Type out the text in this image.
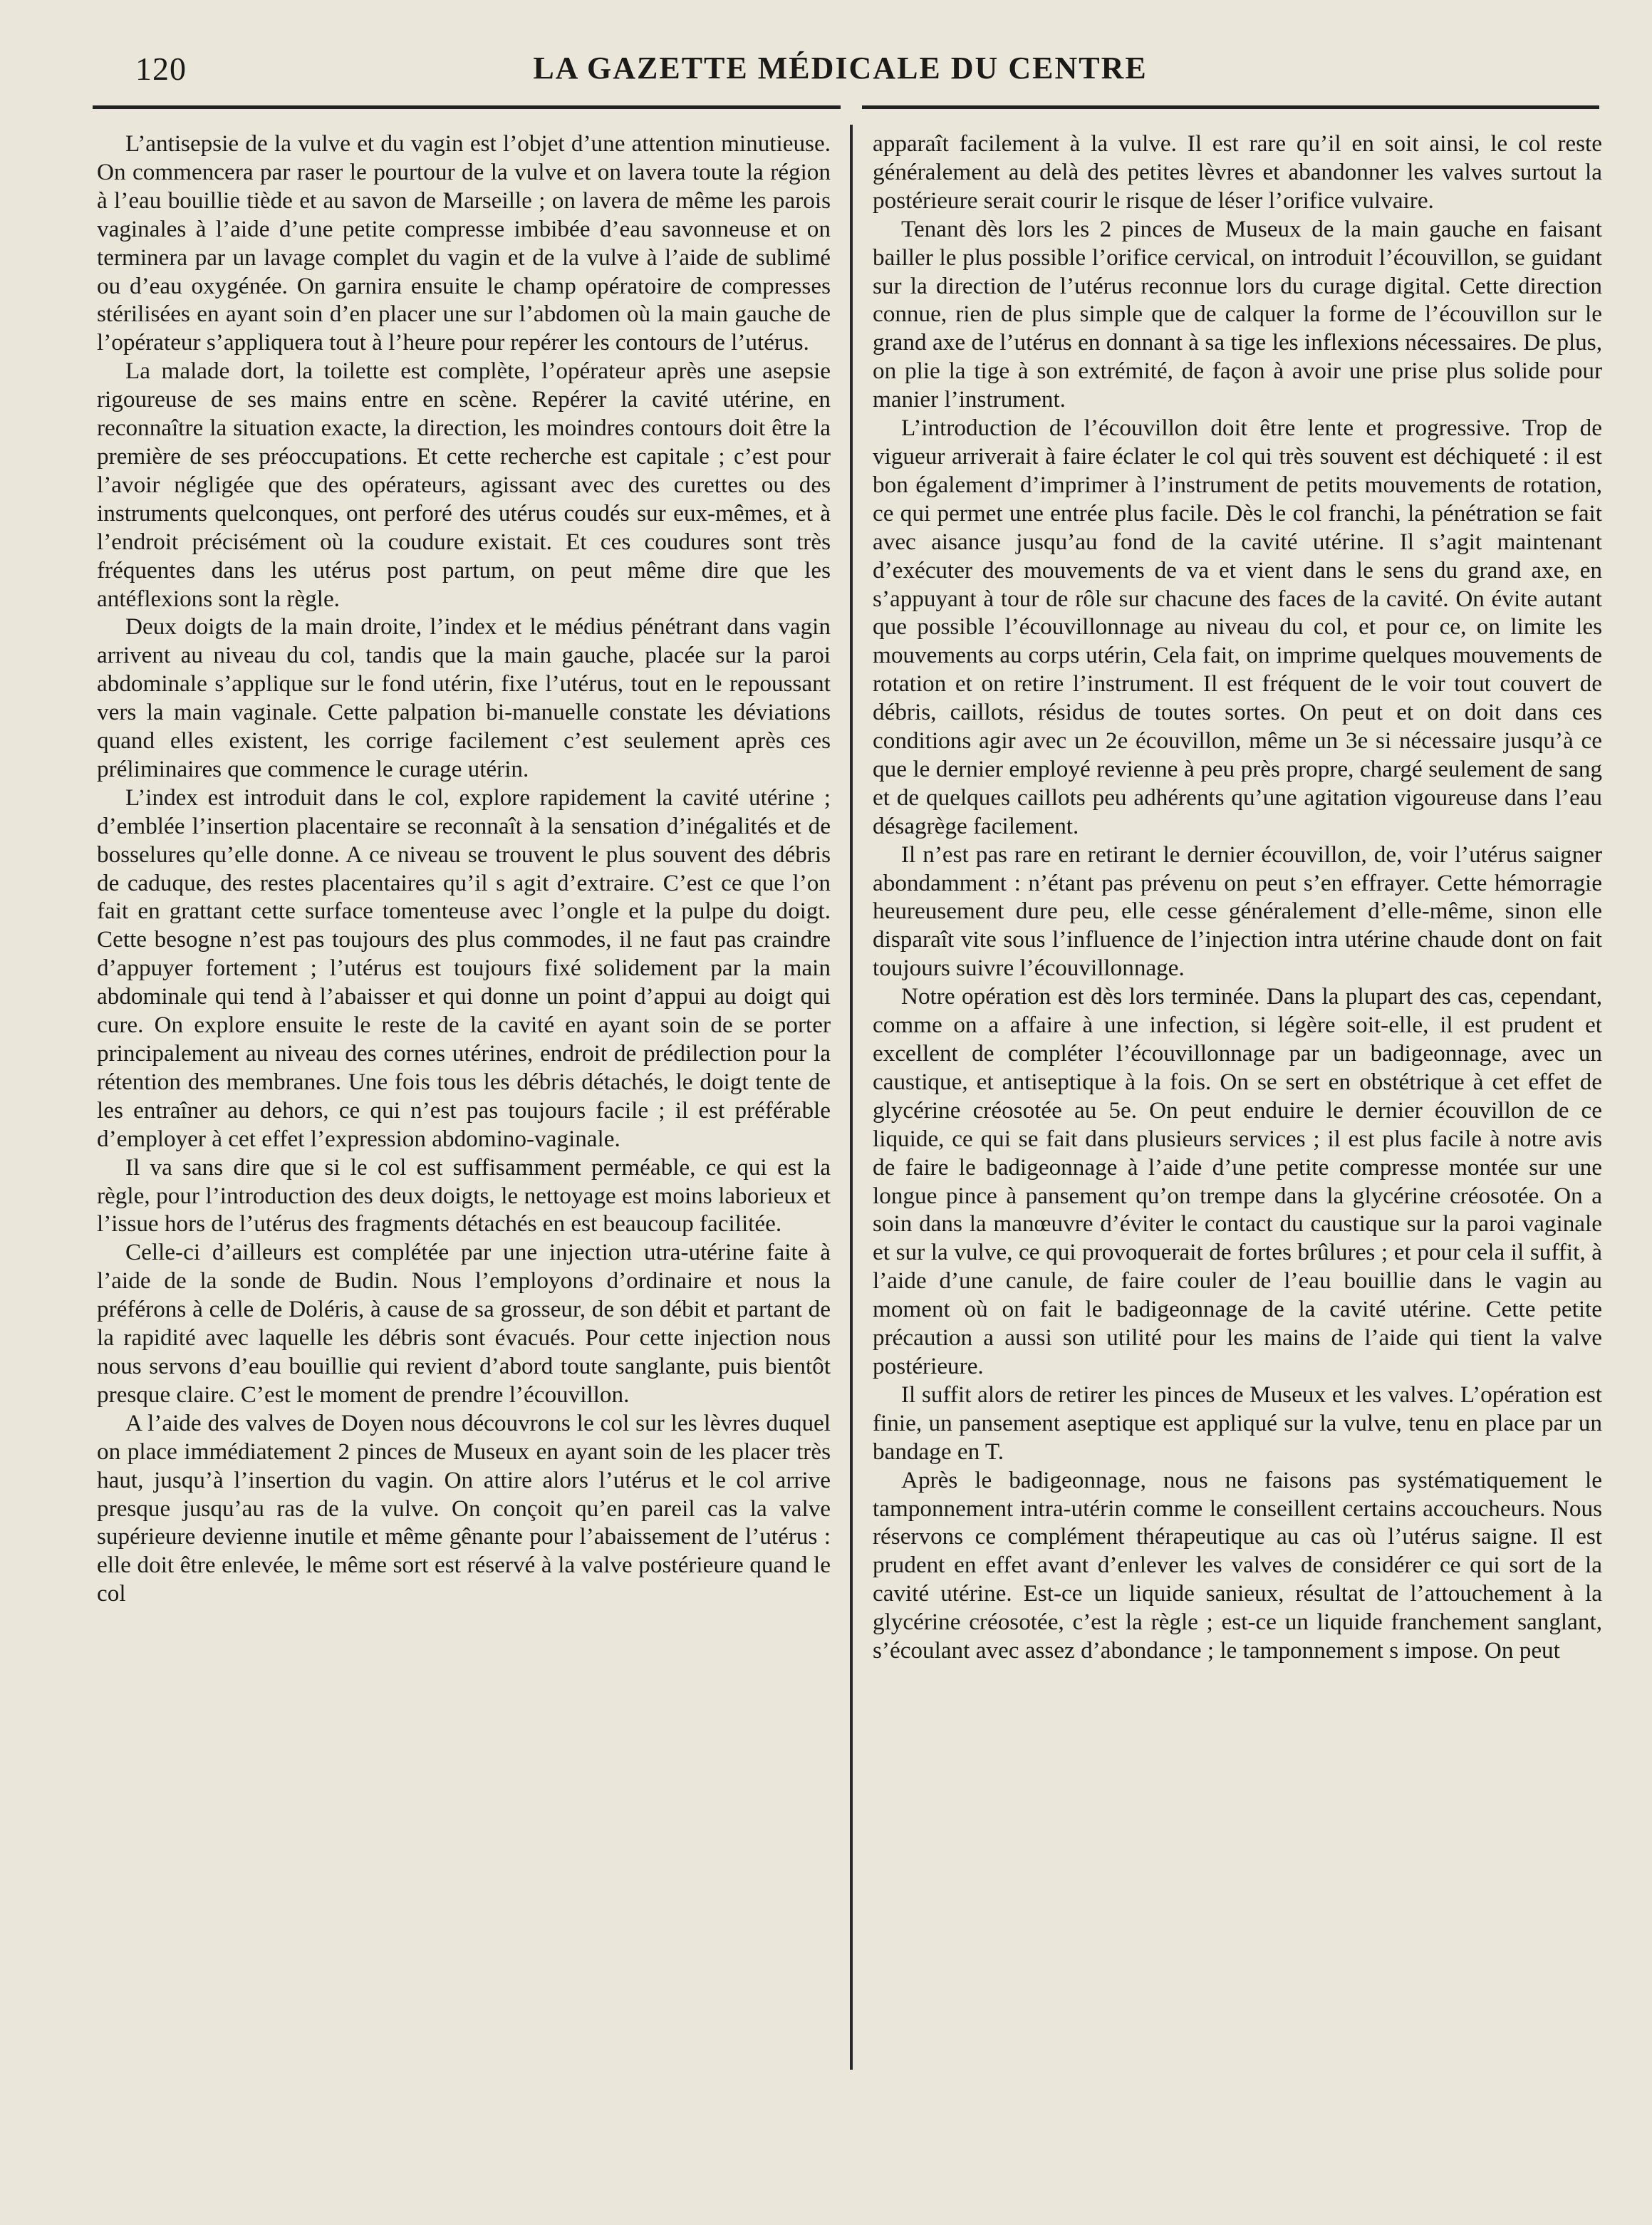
120	LA GAZETTE MÉDICALE DU CENTRE

L’antisepsie de la vulve et du vagin est l’objet d’une attention minutieuse. On commencera par raser le pourtour de la vulve et on lavera toute la région à l’eau bouillie tiède et au savon de Marseille ; on lavera de même les parois vaginales à l’aide d’une petite compresse imbibée d’eau savonneuse et on terminera par un lavage complet du vagin et de la vulve à l’aide de sublimé ou d’eau oxygénée. On garnira ensuite le champ opératoire de compresses stérilisées en ayant soin d’en placer une sur l’abdomen où la main gauche de l’opérateur s’appliquera tout à l’heure pour repérer les contours de l’utérus.

La malade dort, la toilette est complète, l’opérateur après une asepsie rigoureuse de ses mains entre en scène. Repérer la cavité utérine, en reconnaître la situation exacte, la direction, les moindres contours doit être la première de ses préoccupations. Et cette recherche est capitale ; c’est pour l’avoir négligée que des opérateurs, agissant avec des curettes ou des instruments quelconques, ont perforé des utérus coudés sur eux-mêmes, et à l’endroit précisément où la coudure existait. Et ces coudures sont très fréquentes dans les utérus post partum, on peut même dire que les antéflexions sont la règle.

Deux doigts de la main droite, l’index et le médius pénétrant dans vagin arrivent au niveau du col, tandis que la main gauche, placée sur la paroi abdominale s’applique sur le fond utérin, fixe l’utérus, tout en le repoussant vers la main vaginale. Cette palpation bi-manuelle constate les déviations quand elles existent, les corrige facilement c’est seulement après ces préliminaires que commence le curage utérin.

L’index est introduit dans le col, explore rapidement la cavité utérine ; d’emblée l’insertion placentaire se reconnaît à la sensation d’inégalités et de bosselures qu’elle donne. A ce niveau se trouvent le plus souvent des débris de caduque, des restes placentaires qu’il s agit d’extraire. C’est ce que l’on fait en grattant cette surface tomenteuse avec l’ongle et la pulpe du doigt. Cette besogne n’est pas toujours des plus commodes, il ne faut pas craindre d’appuyer fortement ; l’utérus est toujours fixé solidement par la main abdominale qui tend à l’abaisser et qui donne un point d’appui au doigt qui cure. On explore ensuite le reste de la cavité en ayant soin de se porter principalement au niveau des cornes utérines, endroit de prédilection pour la rétention des membranes. Une fois tous les débris détachés, le doigt tente de les entraîner au dehors, ce qui n’est pas toujours facile ; il est préférable d’employer à cet effet l’expression abdomino-vaginale.

Il va sans dire que si le col est suffisamment perméable, ce qui est la règle, pour l’introduction des deux doigts, le nettoyage est moins laborieux et l’issue hors de l’utérus des fragments détachés en est beaucoup facilitée.

Celle-ci d’ailleurs est complétée par une injection utra-utérine faite à l’aide de la sonde de Budin. Nous l’employons d’ordinaire et nous la préférons à celle de Doléris, à cause de sa grosseur, de son débit et partant de la rapidité avec laquelle les débris sont évacués. Pour cette injection nous nous servons d’eau bouillie qui revient d’abord toute sanglante, puis bientôt presque claire. C’est le moment de prendre l’écouvillon.

A l’aide des valves de Doyen nous découvrons le col sur les lèvres duquel on place immédiatement 2 pinces de Museux en ayant soin de les placer très haut, jusqu’à l’insertion du vagin. On attire alors l’utérus et le col arrive presque jusqu’au ras de la vulve. On conçoit qu’en pareil cas la valve supérieure devienne inutile et même gênante pour l’abaissement de l’utérus : elle doit être enlevée, le même sort est réservé à la valve postérieure quand le col

apparaît facilement à la vulve. Il est rare qu’il en soit ainsi, le col reste généralement au delà des petites lèvres et abandonner les valves surtout la postérieure serait courir le risque de léser l’orifice vulvaire.

Tenant dès lors les 2 pinces de Museux de la main gauche en faisant bailler le plus possible l’orifice cervical, on introduit l’écouvillon, se guidant sur la direction de l’utérus reconnue lors du curage digital. Cette direction connue, rien de plus simple que de calquer la forme de l’écouvillon sur le grand axe de l’utérus en donnant à sa tige les inflexions nécessaires. De plus, on plie la tige à son extrémité, de façon à avoir une prise plus solide pour manier l’instrument.

L’introduction de l’écouvillon doit être lente et progressive. Trop de vigueur arriverait à faire éclater le col qui très souvent est déchiqueté : il est bon également d’imprimer à l’instrument de petits mouvements de rotation, ce qui permet une entrée plus facile. Dès le col franchi, la pénétration se fait avec aisance jusqu’au fond de la cavité utérine. Il s’agit maintenant d’exécuter des mouvements de va et vient dans le sens du grand axe, en s’appuyant à tour de rôle sur chacune des faces de la cavité. On évite autant que possible l’écouvillonnage au niveau du col, et pour ce, on limite les mouvements au corps utérin, Cela fait, on imprime quelques mouvements de rotation et on retire l’instrument. Il est fréquent de le voir tout couvert de débris, caillots, résidus de toutes sortes. On peut et on doit dans ces conditions agir avec un 2e écouvillon, même un 3e si nécessaire jusqu’à ce que le dernier employé revienne à peu près propre, chargé seulement de sang et de quelques caillots peu adhérents qu’une agitation vigoureuse dans l’eau désagrège facilement.

Il n’est pas rare en retirant le dernier écouvillon, de, voir l’utérus saigner abondamment : n’étant pas prévenu on peut s’en effrayer. Cette hémorragie heureusement dure peu, elle cesse généralement d’elle-même, sinon elle disparaît vite sous l’influence de l’injection intra utérine chaude dont on fait toujours suivre l’écouvillonnage.

Notre opération est dès lors terminée. Dans la plupart des cas, cependant, comme on a affaire à une infection, si légère soit-elle, il est prudent et excellent de compléter l’écouvillonnage par un badigeonnage, avec un caustique, et antiseptique à la fois. On se sert en obstétrique à cet effet de glycérine créosotée au 5e. On peut enduire le dernier écouvillon de ce liquide, ce qui se fait dans plusieurs services ; il est plus facile à notre avis de faire le badigeonnage à l’aide d’une petite compresse montée sur une longue pince à pansement qu’on trempe dans la glycérine créosotée. On a soin dans la manœuvre d’éviter le contact du caustique sur la paroi vaginale et sur la vulve, ce qui provoquerait de fortes brûlures ; et pour cela il suffit, à l’aide d’une canule, de faire couler de l’eau bouillie dans le vagin au moment où on fait le badigeonnage de la cavité utérine. Cette petite précaution a aussi son utilité pour les mains de l’aide qui tient la valve postérieure.

Il suffit alors de retirer les pinces de Museux et les valves. L’opération est finie, un pansement aseptique est appliqué sur la vulve, tenu en place par un bandage en T.

Après le badigeonnage, nous ne faisons pas systématiquement le tamponnement intra-utérin comme le conseillent certains accoucheurs. Nous réservons ce complément thérapeutique au cas où l’utérus saigne. Il est prudent en effet avant d’enlever les valves de considérer ce qui sort de la cavité utérine. Est-ce un liquide sanieux, résultat de l’attouchement à la glycérine créosotée, c’est la règle ; est-ce un liquide franchement sanglant, s’écoulant avec assez d’abondance ; le tamponnement s impose. On peut
